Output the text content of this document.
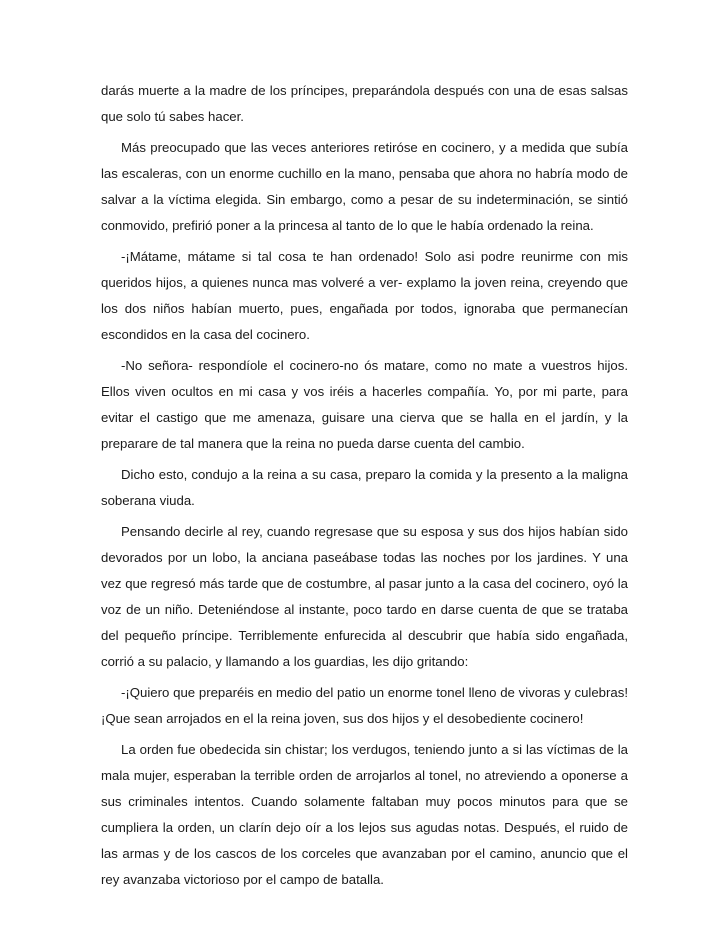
darás muerte a la madre de los príncipes, preparándola después con una de esas salsas que solo tú sabes hacer.

Más preocupado que las veces anteriores retiróse en cocinero, y a medida que subía las escaleras, con un enorme cuchillo en la mano, pensaba que ahora no habría modo de salvar a la víctima elegida. Sin embargo, como a pesar de su indeterminación, se sintió conmovido, prefirió poner a la princesa al tanto de lo que le había ordenado la reina.

-¡Mátame, mátame si tal cosa te han ordenado! Solo asi podre reunirme con mis queridos hijos, a quienes nunca mas volveré a ver- explamo la joven reina, creyendo que los dos niños habían muerto, pues, engañada por todos, ignoraba que permanecían escondidos en la casa del cocinero.

-No señora- respondíole el cocinero-no ós matare, como no mate a vuestros hijos. Ellos viven ocultos en mi casa y vos iréis a hacerles compañía. Yo, por mi parte, para evitar el castigo que me amenaza, guisare una cierva que se halla en el jardín, y la preparare de tal manera que la reina no pueda darse cuenta del cambio.

Dicho esto, condujo a la reina a su casa, preparo la comida y la presento a la maligna soberana viuda.

Pensando decirle al rey, cuando regresase que su esposa y sus dos hijos habían sido devorados por un lobo, la anciana paseábase todas las noches por los jardines. Y una vez que regresó más tarde que de costumbre, al pasar junto a la casa del cocinero, oyó la voz de un niño. Deteniéndose al instante, poco tardo en darse cuenta de que se trataba del pequeño príncipe. Terriblemente enfurecida al descubrir que había sido engañada, corrió a su palacio, y llamando a los guardias, les dijo gritando:

-¡Quiero que preparéis en medio del patio un enorme tonel lleno de vivoras y culebras! ¡Que sean arrojados en el la reina joven, sus dos hijos y el desobediente cocinero!

La orden fue obedecida sin chistar; los verdugos, teniendo junto a si las víctimas de la mala mujer, esperaban la terrible orden de arrojarlos al tonel, no atreviendo a oponerse a sus criminales intentos. Cuando solamente faltaban muy pocos minutos para que se cumpliera la orden, un clarín dejo oír a los lejos sus agudas notas. Después, el ruido de las armas y de los cascos de los corceles que avanzaban por el camino, anuncio que el rey avanzaba victorioso por el campo de batalla.
